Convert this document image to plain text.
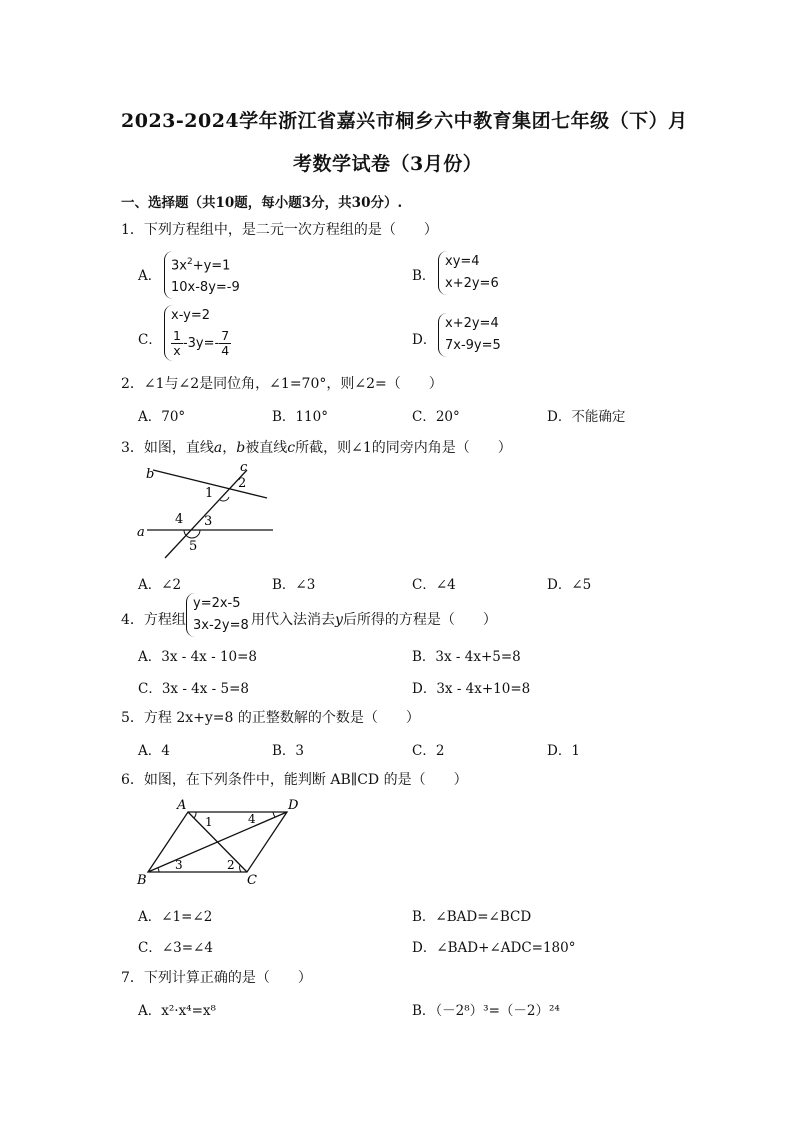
2023-2024学年浙江省嘉兴市桐乡六中教育集团七年级（下）月
考数学试卷（3月份）
一、选择题（共10题，每小题3分，共30分）.
1．下列方程组中，是二元一次方程组的是（　　）
A．
$3x^2+y=1$
10x-8y=-9
B．
xy=4
x+2y=6
C．
x-y=2
$\frac{1}{x} -3y=- \frac{7}{4}$	D．
x+2y=4
7x-9y=5
2．∠1与∠2是同位角，∠1=70°，则∠2=（　　）
A．70°	B．110°	C．20°	D．不能确定
3．如图，直线a，b被直线c所截，则∠1的同旁内角是（　　）
b	c
a
1
2
3
4
5
A．∠2	B．∠3	C．∠4	D．∠5
4．方程组
y=2x-5
3x-2y=8 用代入法消去y后所得的方程是（　　）
A．3x - 4x - 10=8	B．3x - 4x+5=8
C．3x - 4x - 5=8	D．3x - 4x+10=8
5．方程 2x+y=8 的正整数解的个数是（　　）
A．4	B．3	C．2	D．1
6．如图，在下列条件中，能判断 AB∥CD 的是（　　）
A	D
B	C
1
2
3
4
A．∠1=∠2	B．∠BAD=∠BCD
C．∠3=∠4	D．∠BAD+∠ADC=180°
7．下列计算正确的是（　　）
A．x²·x⁴=x⁸	B．（－2⁸）³=（－2）²⁴
